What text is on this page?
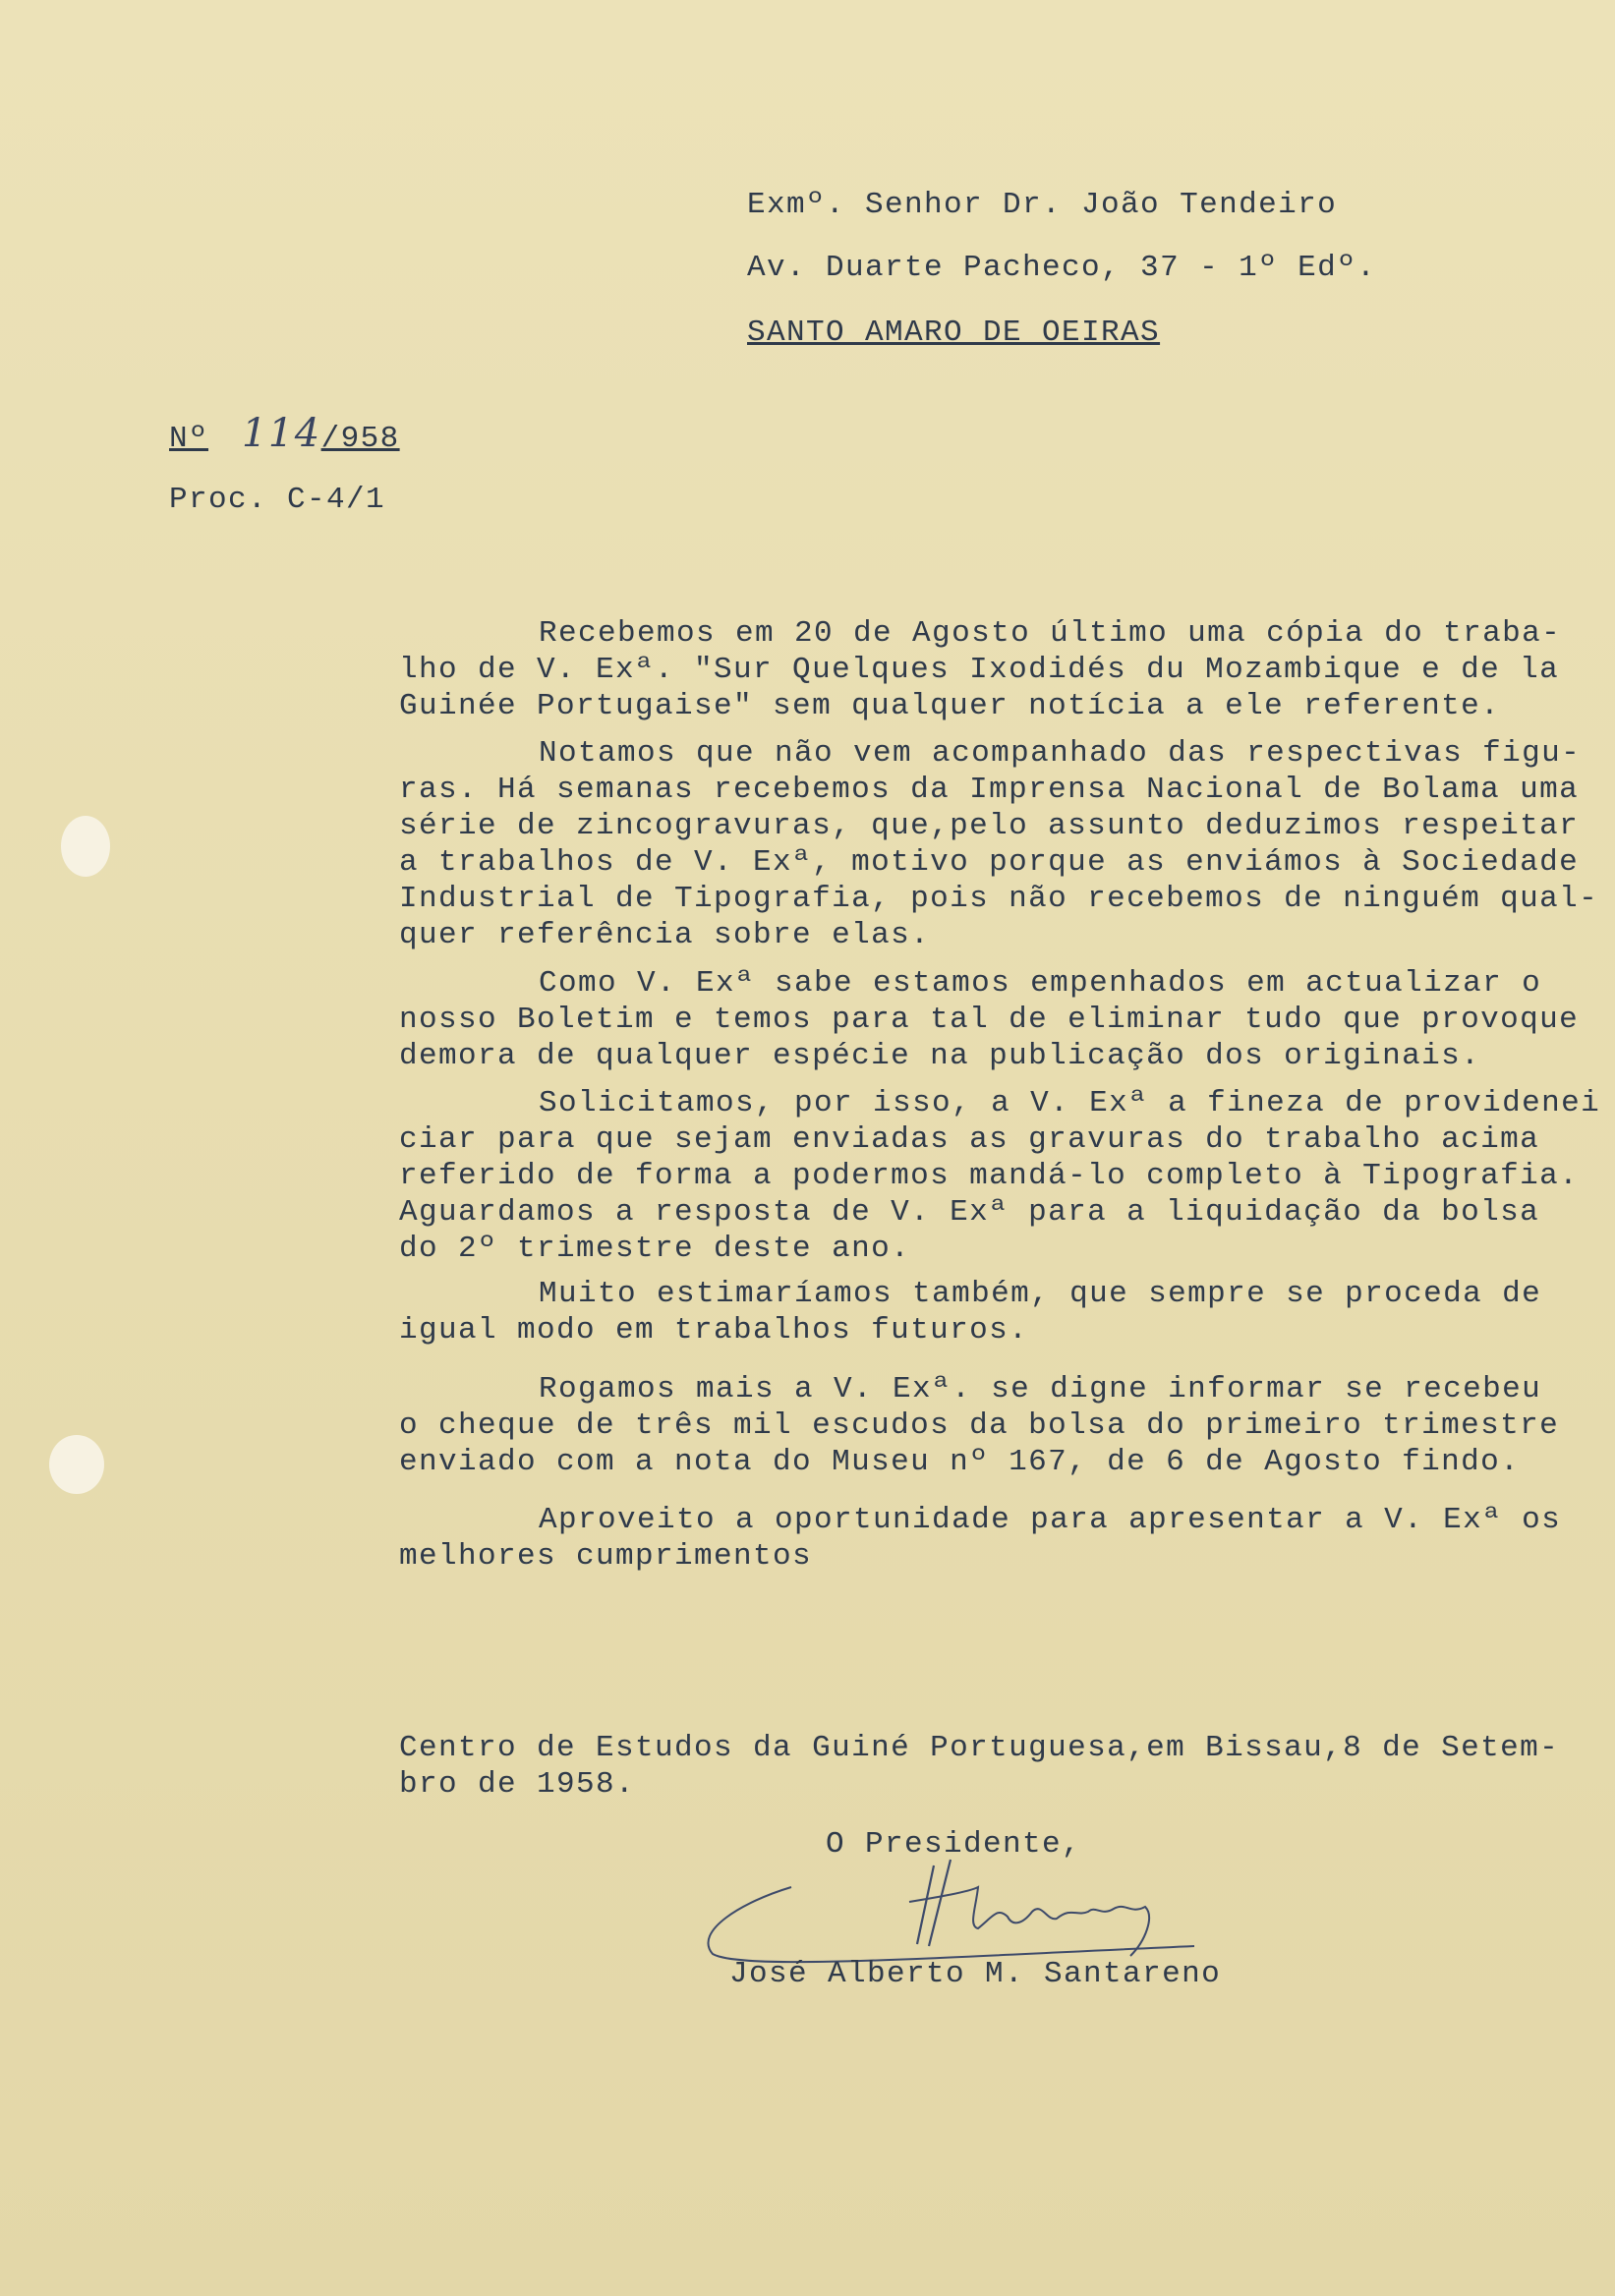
Exmº. Senhor Dr. João Tendeiro
Av. Duarte Pacheco, 37 - 1º Edº.
SANTO AMARO DE OEIRAS
Nº 114/958
Proc. C-4/1
Recebemos em 20 de Agosto último uma cópia do traba-
lho de V. Exª. "Sur Quelques Ixodidés du Mozambique e de la
Guinée Portugaise" sem qualquer notícia a ele referente.
Notamos que não vem acompanhado das respectivas figu-
ras. Há semanas recebemos da Imprensa Nacional de Bolama uma
série de zincogravuras, que,pelo assunto deduzimos respeitar
a trabalhos de V. Exª, motivo porque as enviámos à Sociedade
Industrial de Tipografia, pois não recebemos de ninguém qual-
quer referência sobre elas.
Como V. Exª sabe estamos empenhados em actualizar o
nosso Boletim e temos para tal de eliminar tudo que provoque
demora de qualquer espécie na publicação dos originais.
Solicitamos, por isso, a V. Exª a fineza de providenei
ciar para que sejam enviadas as gravuras do trabalho acima
referido de forma a podermos mandá-lo completo à Tipografia.
Aguardamos a resposta de V. Exª para a liquidação da bolsa
do 2º trimestre deste ano.
Muito estimaríamos também, que sempre se proceda de
igual modo em trabalhos futuros.
Rogamos mais a V. Exª. se digne informar se recebeu
o cheque de três mil escudos da bolsa do primeiro trimestre
enviado com a nota do Museu nº 167, de 6 de Agosto findo.
Aproveito a oportunidade para apresentar a V. Exª os
melhores cumprimentos
Centro de Estudos da Guiné Portuguesa,em Bissau,8 de Setem-
bro de 1958.
O Presidente,
José Alberto M. Santareno
